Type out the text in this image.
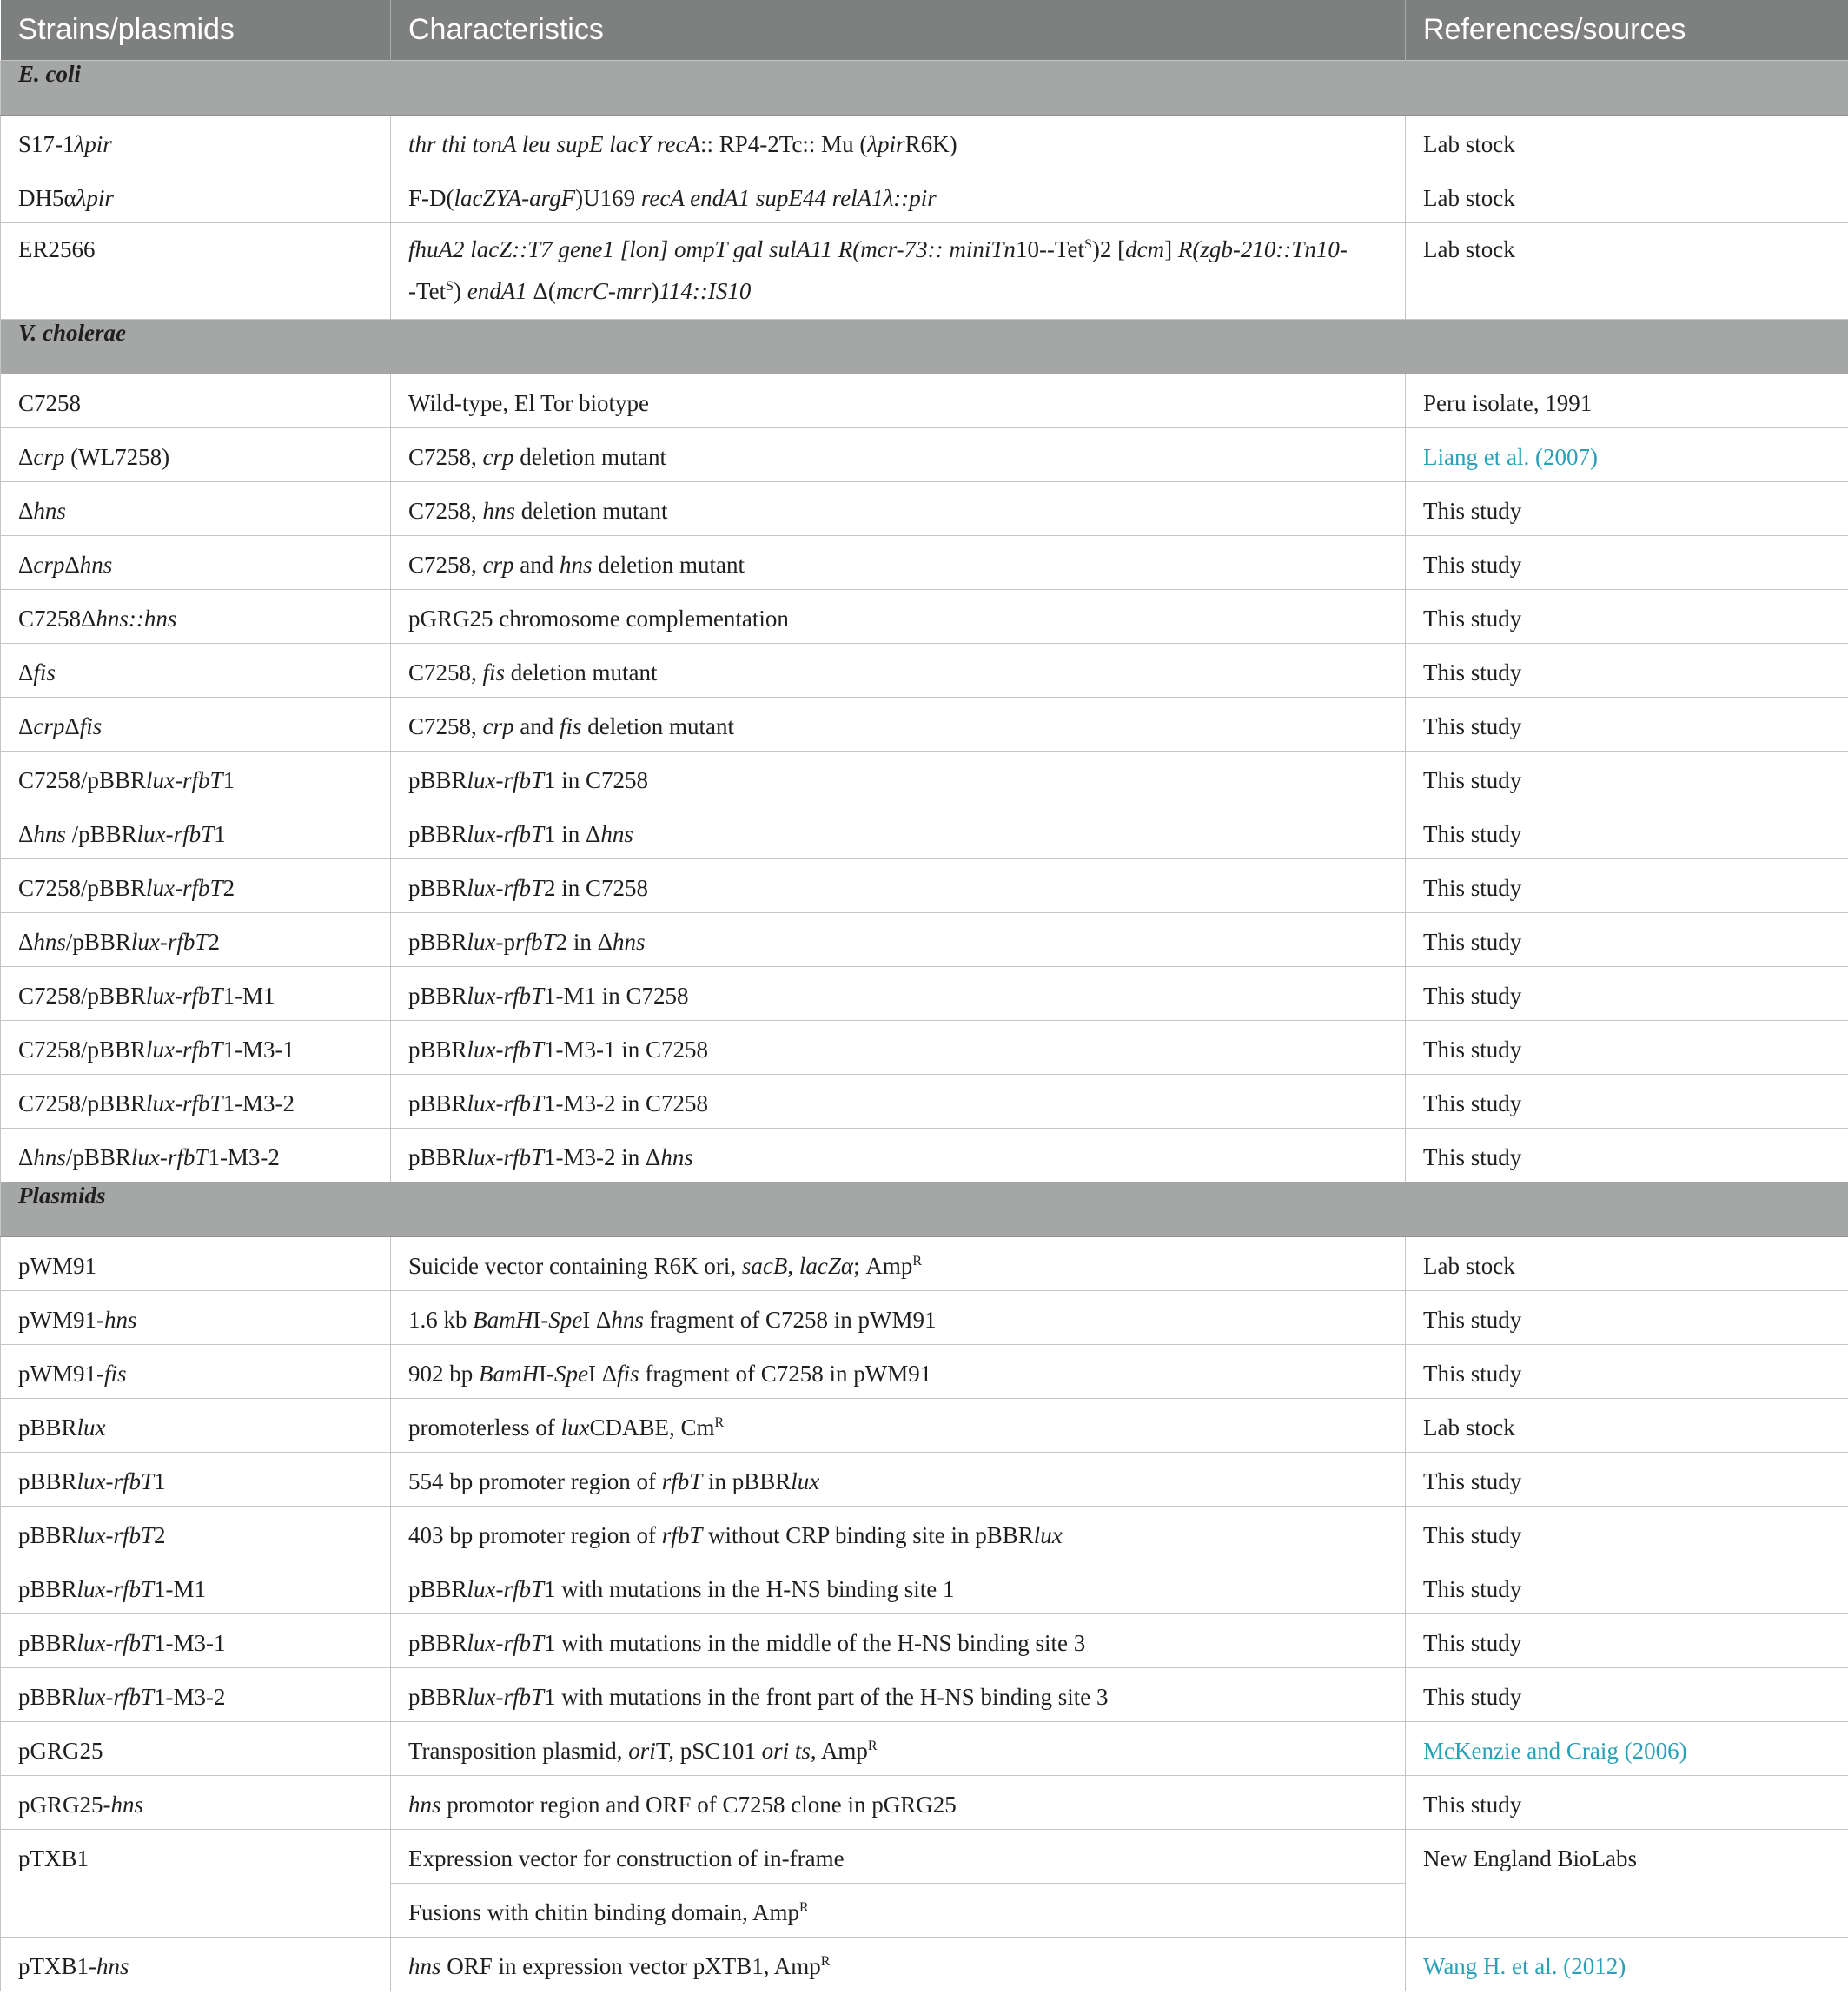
Strains/plasmids	Characteristics	References/sources
E. coli		
S17-1λpir	thr thi tonA leu supE lacY recA:: RP4-2Tc:: Mu (λpirR6K)	Lab stock
DH5αλpir	F-D(lacZYA-argF)U169 recA endA1 supE44 relA1λ::pir	Lab stock
ER2566	fhuA2 lacZ::T7 gene1 [lon] ompT gal sulA11 R(mcr-73:: miniTn10--Tet$^S$)2 [dcm] R(zgb-210::Tn10-
-Tet$^S$) endA1 Δ(mcrC-mrr)114::IS10	Lab stock
V. cholerae		
C7258	Wild-type, El Tor biotype	Peru isolate, 1991
Δcrp (WL7258)	C7258, crp deletion mutant	Liang et al. (2007)
Δhns	C7258, hns deletion mutant	This study
ΔcrpΔhns	C7258, crp and hns deletion mutant	This study
C7258Δhns::hns	pGRG25 chromosome complementation	This study
Δfis	C7258, fis deletion mutant	This study
ΔcrpΔfis	C7258, crp and fis deletion mutant	This study
C7258/pBBRlux-rfbT1	pBBRlux-rfbT1 in C7258	This study
Δhns /pBBRlux-rfbT1	pBBRlux-rfbT1 in Δhns	This study
C7258/pBBRlux-rfbT2	pBBRlux-rfbT2 in C7258	This study
Δhns/pBBRlux-rfbT2	pBBRlux-prfbT2 in Δhns	This study
C7258/pBBRlux-rfbT1-M1	pBBRlux-rfbT1-M1 in C7258	This study
C7258/pBBRlux-rfbT1-M3-1	pBBRlux-rfbT1-M3-1 in C7258	This study
C7258/pBBRlux-rfbT1-M3-2	pBBRlux-rfbT1-M3-2 in C7258	This study
Δhns/pBBRlux-rfbT1-M3-2	pBBRlux-rfbT1-M3-2 in Δhns	This study
Plasmids		
pWM91	Suicide vector containing R6K ori, sacB, lacZα; Amp$^R$	Lab stock
pWM91-hns	1.6 kb BamHI-SpeI Δhns fragment of C7258 in pWM91	This study
pWM91-fis	902 bp BamHI-SpeI Δfis fragment of C7258 in pWM91	This study
pBBRlux	promoterless of luxCDABE, $Cm^R$	Lab stock
pBBRlux-rfbT1	554 bp promoter region of rfbT in pBBRlux	This study
pBBRlux-rfbT2	403 bp promoter region of rfbT without CRP binding site in pBBRlux	This study
pBBRlux-rfbT1-M1	pBBRlux-rfbT1 with mutations in the H-NS binding site 1	This study
pBBRlux-rfbT1-M3-1	pBBRlux-rfbT1 with mutations in the middle of the H-NS binding site 3	This study
pBBRlux-rfbT1-M3-2	pBBRlux-rfbT1 with mutations in the front part of the H-NS binding site 3	This study
pGRG25	Transposition plasmid, oriT, pSC101 ori ts, Amp$^R$	McKenzie and Craig (2006)
pGRG25-hns	hns promotor region and ORF of C7258 clone in pGRG25	This study
pTXB1	Expression vector for construction of in-frame	New England BioLabs
	Fusions with chitin binding domain, Amp$^R$
pTXB1-hns	hns ORF in expression vector pXTB1, Amp$^R$	Wang H. et al. (2012)
